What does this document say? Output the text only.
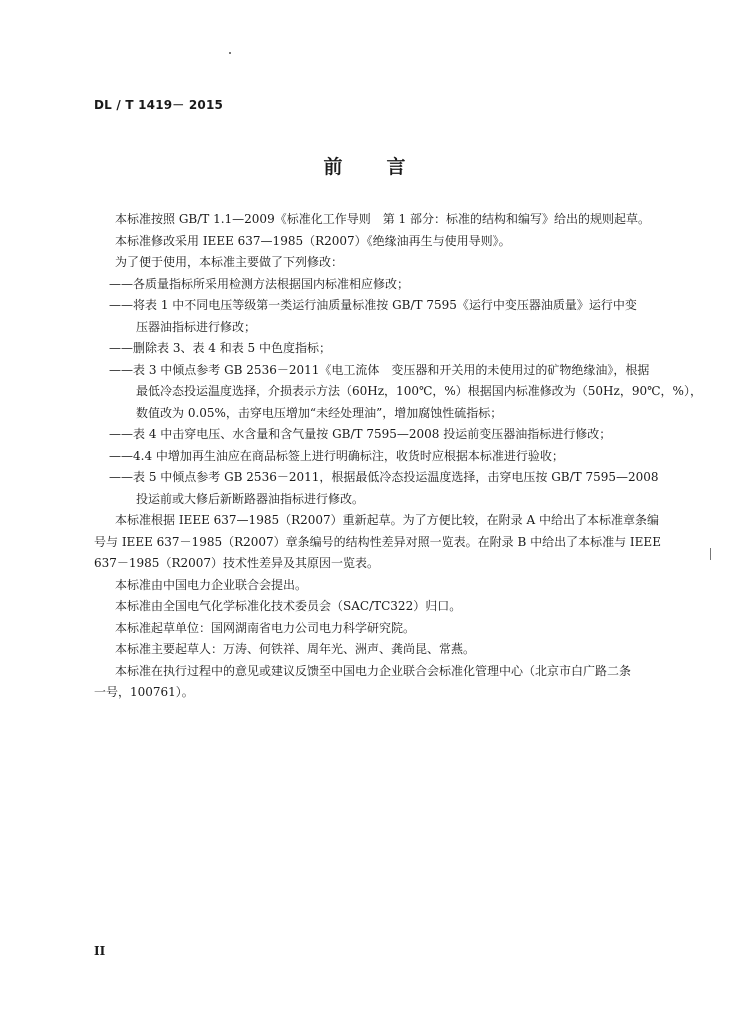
DL / T 1419－ 2015
前言

本标准按照 GB/T 1.1—2009《标准化工作导则　第 1 部分：标准的结构和编写》给出的规则起草。

本标准修改采用 IEEE 637—1985（R2007）《绝缘油再生与使用导则》。

为了便于使用，本标准主要做了下列修改：

——各质量指标所采用检测方法根据国内标准相应修改；
——将表 1 中不同电压等级第一类运行油质量标准按 GB/T 7595《运行中变压器油质量》运行中变
压器油指标进行修改；
——删除表 3、表 4 和表 5 中色度指标；
——表 3 中倾点参考 GB 2536－2011《电工流体　变压器和开关用的未使用过的矿物绝缘油》，根据
最低冷态投运温度选择，介损表示方法（60Hz，100℃，%）根据国内标准修改为（50Hz，90℃，%），
数值改为 0.05%，击穿电压增加“未经处理油”，增加腐蚀性硫指标；
——表 4 中击穿电压、水含量和含气量按 GB/T 7595—2008 投运前变压器油指标进行修改；
——4.4 中增加再生油应在商品标签上进行明确标注，收货时应根据本标准进行验收；
——表 5 中倾点参考 GB 2536－2011，根据最低冷态投运温度选择，击穿电压按 GB/T 7595—2008
投运前或大修后新断路器油指标进行修改。
本标准根据 IEEE 637—1985（R2007）重新起草。为了方便比较，在附录 A 中给出了本标准章条编
号与 IEEE 637－1985（R2007）章条编号的结构性差异对照一览表。在附录 B 中给出了本标准与 IEEE
637－1985（R2007）技术性差异及其原因一览表。

本标准由中国电力企业联合会提出。

本标准由全国电气化学标准化技术委员会（SAC/TC322）归口。

本标准起草单位：国网湖南省电力公司电力科学研究院。

本标准主要起草人：万涛、何铁祥、周年光、洲声、龚尚昆、常燕。

本标准在执行过程中的意见或建议反馈至中国电力企业联合会标准化管理中心（北京市白广路二条
一号，100761）。
II
